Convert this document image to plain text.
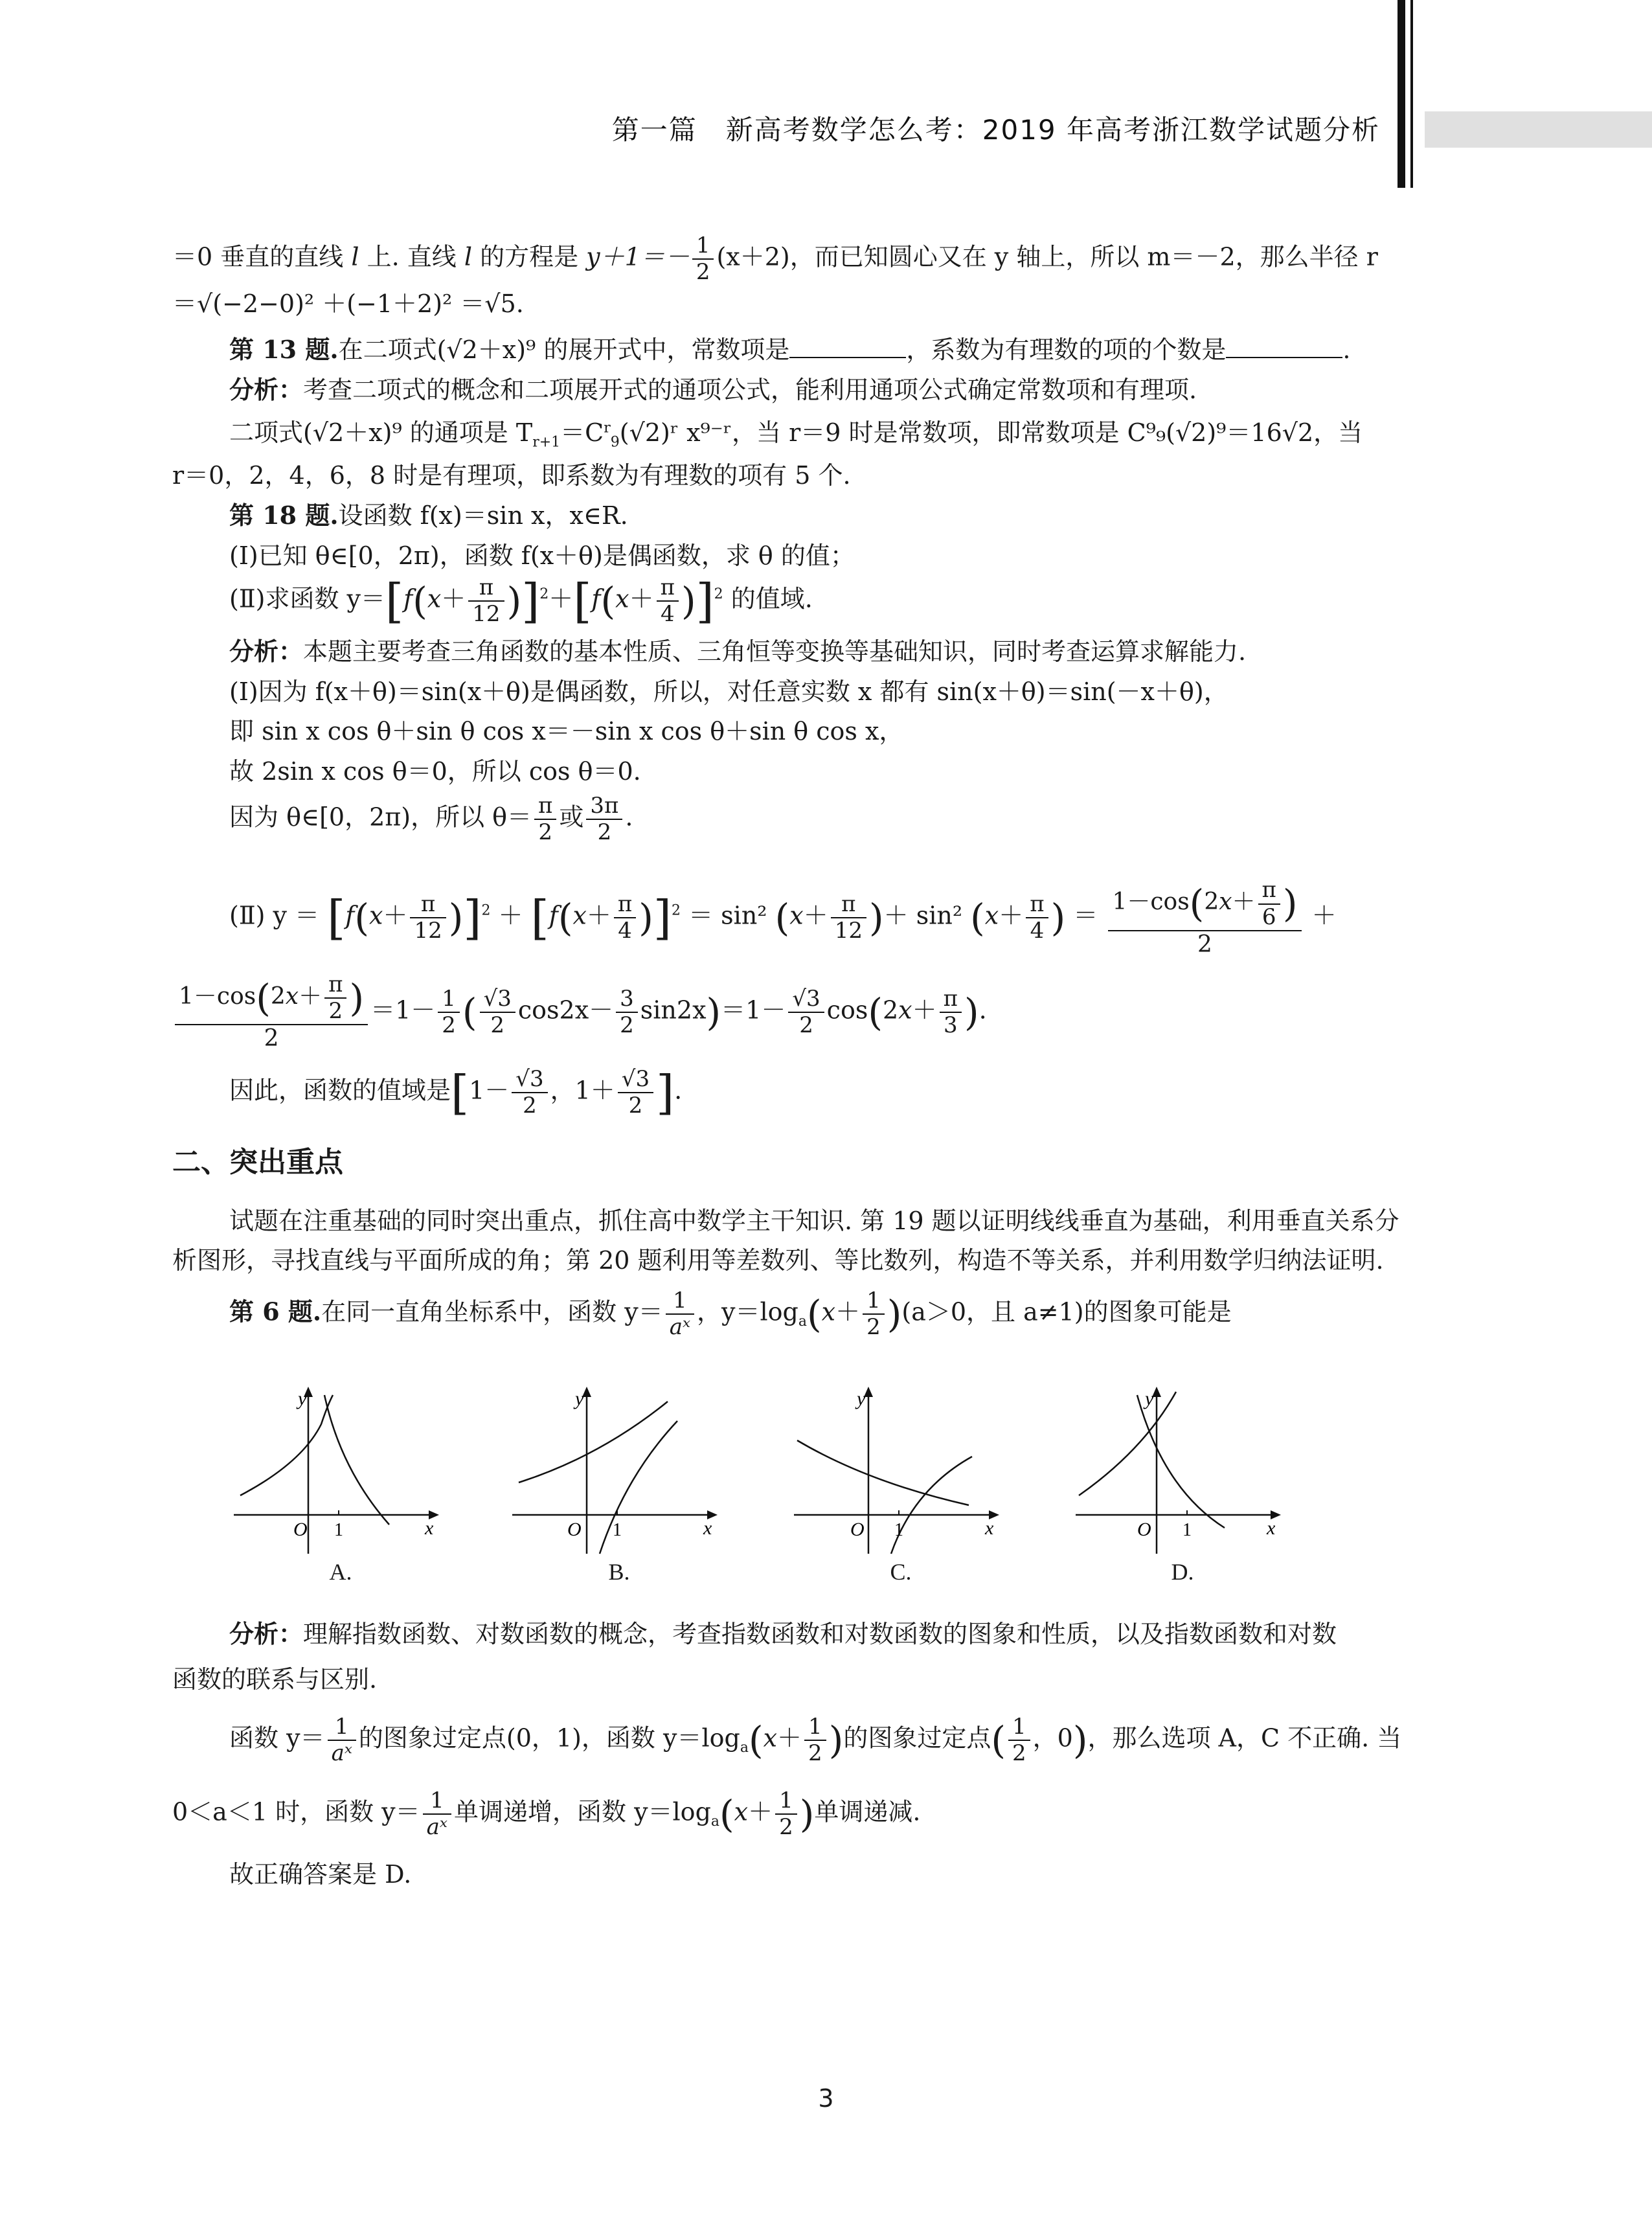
第一篇　新高考数学怎么考：2019 年高考浙江数学试题分析

＝0 垂直的直线 l 上. 直线 l 的方程是 $y+1=- \frac{1}{2} (x+2)$，而已知圆心又在 y 轴上，所以 m＝－2，那么半径 r

＝√(−2−0)² ＋(−1＋2)² ＝√5.

第 13 题.在二项式(√2＋x)⁹ 的展开式中，常数项是	，系数为有理数的项的个数是	.

分析：考查二项式的概念和二项展开式的通项公式，能利用通项公式确定常数项和有理项.

二项式(√2＋x)⁹ 的通项是 $T_{r+1}=C^r_9(√2)ʳ$ x⁹⁻ʳ，当 r＝9 时是常数项，即常数项是 C⁹₉(√2)⁹＝16√2，当

r＝0，2，4，6，8 时是有理项，即系数为有理数的项有 5 个.

第 18 题.设函数 f(x)＝sin x，x∈R.

(Ⅰ)已知 θ∈[0，2π)，函数 f(x＋θ)是偶函数，求 θ 的值；

(Ⅱ)求函数 $y=[f(x+ \frac{\pi}{12} )]^2+[f(x+ \frac{\pi}{4} )]^2$ 的值域.

分析：本题主要考查三角函数的基本性质、三角恒等变换等基础知识，同时考查运算求解能力.

(Ⅰ)因为 f(x＋θ)＝sin(x＋θ)是偶函数，所以，对任意实数 x 都有 sin(x＋θ)＝sin(－x＋θ)，

即 sin x cos θ＋sin θ cos x＝－sin x cos θ＋sin θ cos x，

故 2sin x cos θ＝0，所以 cos θ＝0.

因为 θ∈[0，2π)，所以 $\theta= \frac{\pi}{2}$ 或 $\frac{3\pi}{2}$ .

(Ⅱ) $y = [f(x+ \frac{\pi}{12} )]^2 + [f(x+ \frac{\pi}{4} )]^2 = \sin^2$ ($x+ \frac{\pi}{12}$ )＋ sin² ($x+ \frac{\pi}{4}$ ) ＝ $\frac{1-\cos(2x+ \frac{\pi}{6} )}{2}$ ＋

$\frac{1-\cos(2x+ \frac{\pi}{2} )}{2} =1- \frac{1}{2}$ ( $\frac{√3}{2} \cos 2x- \frac{3}{2} \sin 2x)=1- \frac{√3}{2} \cos(2x+ \frac{\pi}{3}$ ).

因此，函数的值域是[$1- \frac{√3}{2}$ ，$1+ \frac{√3}{2}$ ].

二、突出重点

试题在注重基础的同时突出重点，抓住高中数学主干知识. 第 19 题以证明线线垂直为基础，利用垂直关系分

析图形，寻找直线与平面所成的角；第 20 题利用等差数列、等比数列，构造不等关系，并利用数学归纳法证明.

第 6 题.在同一直角坐标系中，函数 $y= \frac{1}{\text{aˣ}}$ ，$y=\log_a(x+ \frac{1}{2} )(a>0$，且 a≠1)的图象可能是

y
x
O 1
A.
y
x
O 1
B.
y
x
O 1
C.
y
x
O 1
D.

分析：理解指数函数、对数函数的概念，考查指数函数和对数函数的图象和性质，以及指数函数和对数

函数的联系与区别.

函数 $y= \frac{1}{\text{aˣ}}$ 的图象过定点(0，1)，函数 $y=\log_a(x+ \frac{1}{2}$ )的图象过定点( $\frac{1}{2}$ ，0)，那么选项 A，C 不正确. 当

0＜a＜1 时，函数 $y= \frac{1}{\text{aˣ}}$ 单调递增，函数 $y=\log_a(x+ \frac{1}{2}$ )单调递减.

故正确答案是 D.

3
